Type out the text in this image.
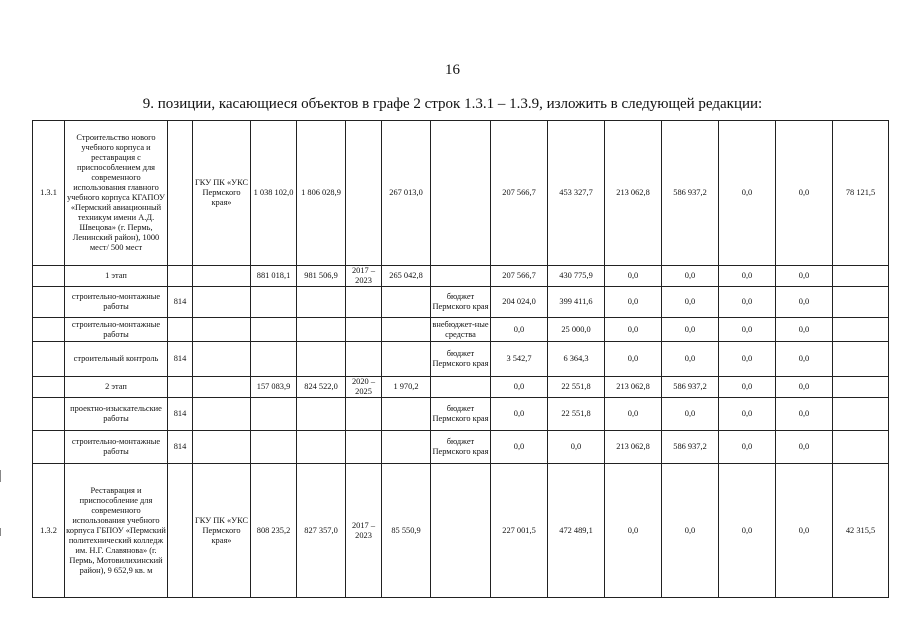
16
9. позиции, касающиеся объектов в графе 2 строк 1.3.1 – 1.3.9, изложить в следующей редакции:
1.3.1	Строительство нового учебного корпуса и реставрация с приспособлением для современного использования главного учебного корпуса КГАПОУ «Пермский авиационный техникум имени А.Д. Швецова» (г. Пермь, Ленинский район), 1000 мест/ 500 мест		ГКУ ПК «УКС Пермского края»	1 038 102,0	1 806 028,9		267 013,0		207 566,7	453 327,7	213 062,8	586 937,2	0,0	0,0	78 121,5
	1 этап			881 018,1	981 506,9	2017 – 2023	265 042,8		207 566,7	430 775,9	0,0	0,0	0,0	0,0	
	строительно-монтажные работы	814						бюджет Пермского края	204 024,0	399 411,6	0,0	0,0	0,0	0,0	
	строительно-монтажные работы							внебюджет-ные средства	0,0	25 000,0	0,0	0,0	0,0	0,0	
	строительный контроль	814						бюджет Пермского края	3 542,7	6 364,3	0,0	0,0	0,0	0,0	
	2 этап			157 083,9	824 522,0	2020 – 2025	1 970,2		0,0	22 551,8	213 062,8	586 937,2	0,0	0,0	
	проектно-изыскательские работы	814						бюджет Пермского края	0,0	22 551,8	0,0	0,0	0,0	0,0	
	строительно-монтажные работы	814						бюджет Пермского края	0,0	0,0	213 062,8	586 937,2	0,0	0,0	
1.3.2	Реставрация и приспособление для современного использования учебного корпуса ГБПОУ «Пермский политехнический колледж им. Н.Г. Славянова» (г. Пермь, Мотовилихинский район), 9 652,9 кв. м		ГКУ ПК «УКС Пермского края»	808 235,2	827 357,0	2017 – 2023	85 550,9		227 001,5	472 489,1	0,0	0,0	0,0	0,0	42 315,5
